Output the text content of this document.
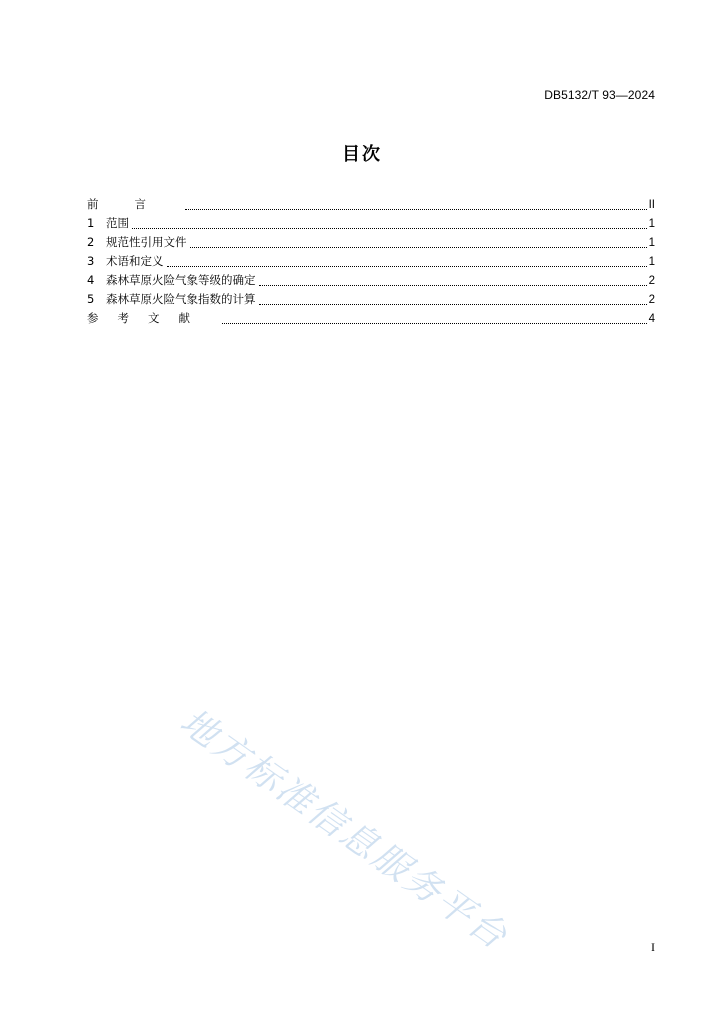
DB5132/T 93—2024
目次
前言	II
1 范围	1
2 规范性引用文件	1
3 术语和定义	1
4 森林草原火险气象等级的确定	2
5 森林草原火险气象指数的计算	2
参考文献	4
地方标准信息服务平台	I
